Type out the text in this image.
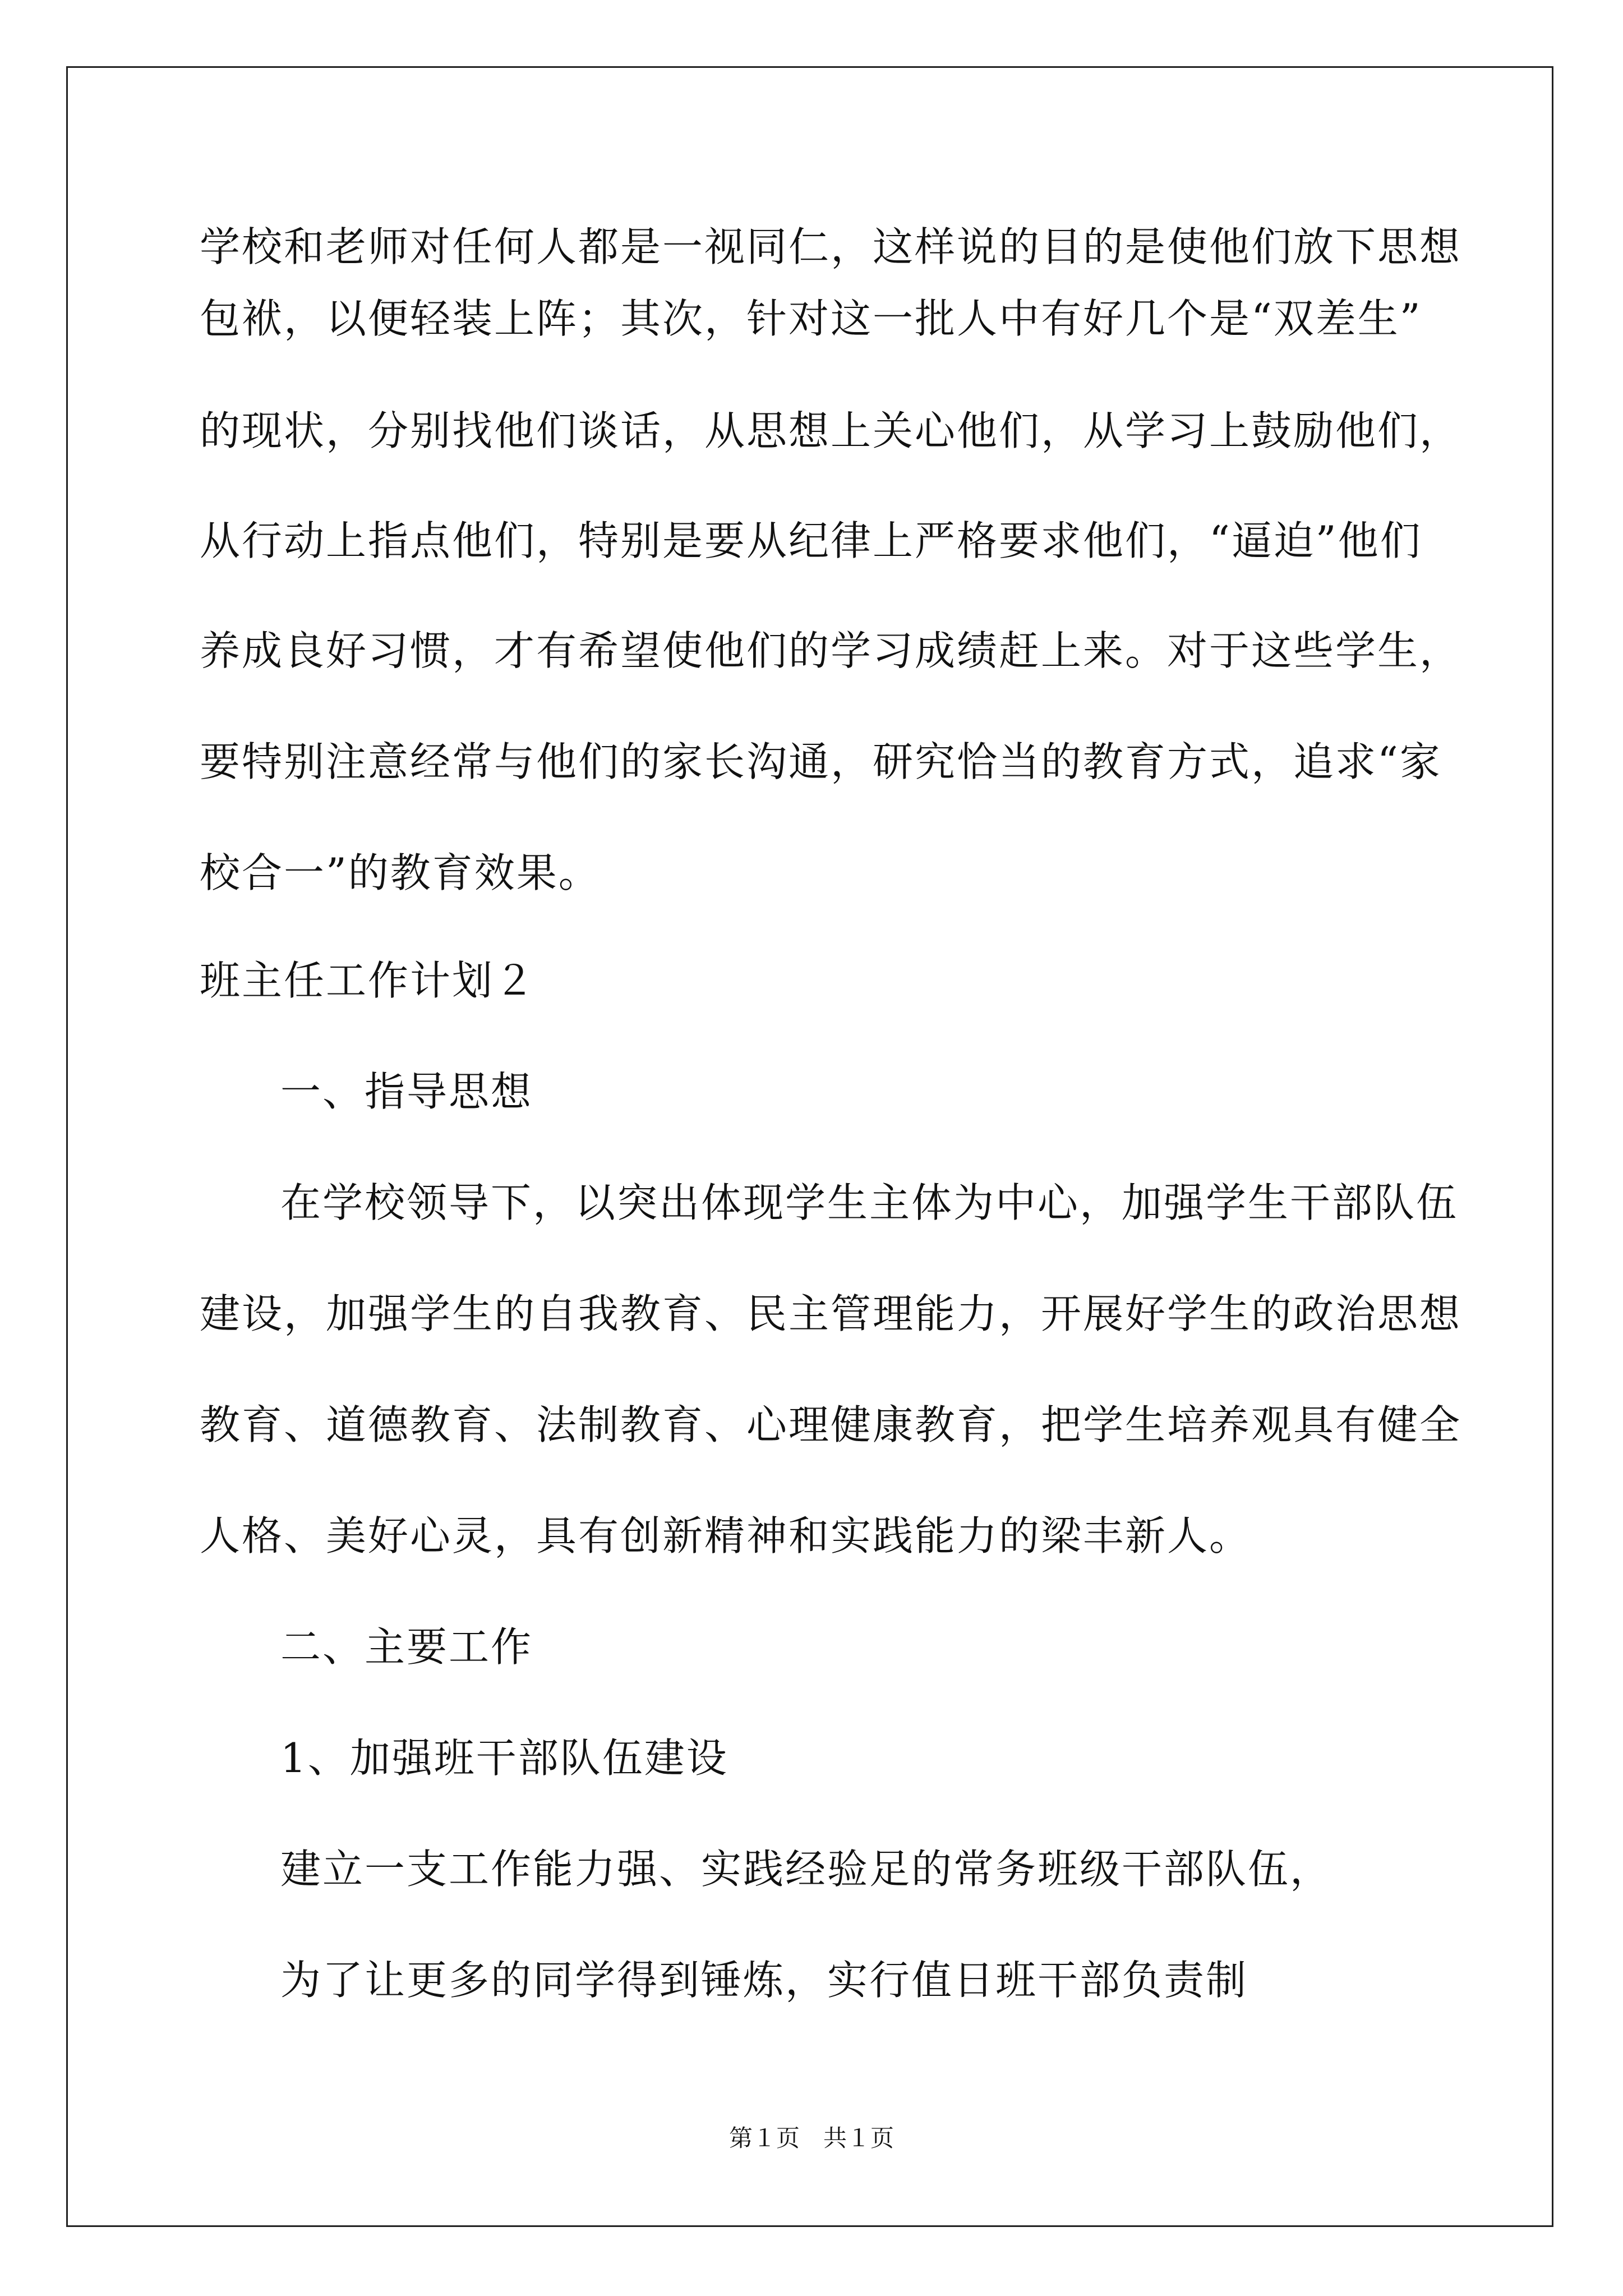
学校和老师对任何人都是一视同仁，这样说的目的是使他们放下思想
包袱，以便轻装上阵；其次，针对这一批人中有好几个是“双差生”
的现状，分别找他们谈话，从思想上关心他们，从学习上鼓励他们，
从行动上指点他们，特别是要从纪律上严格要求他们，“逼迫”他们
养成良好习惯，才有希望使他们的学习成绩赶上来。对于这些学生，
要特别注意经常与他们的家长沟通，研究恰当的教育方式，追求“家
校合一”的教育效果。
班主任工作计划２
一、指导思想
在学校领导下，以突出体现学生主体为中心，加强学生干部队伍
建设，加强学生的自我教育、民主管理能力，开展好学生的政治思想
教育、道德教育、法制教育、心理健康教育，把学生培养观具有健全
人格、美好心灵，具有创新精神和实践能力的梁丰新人。
二、主要工作
1、加强班干部队伍建设
建立一支工作能力强、实践经验足的常务班级干部队伍，
为了让更多的同学得到锤炼，实行值日班干部负责制
第１页　共１页
